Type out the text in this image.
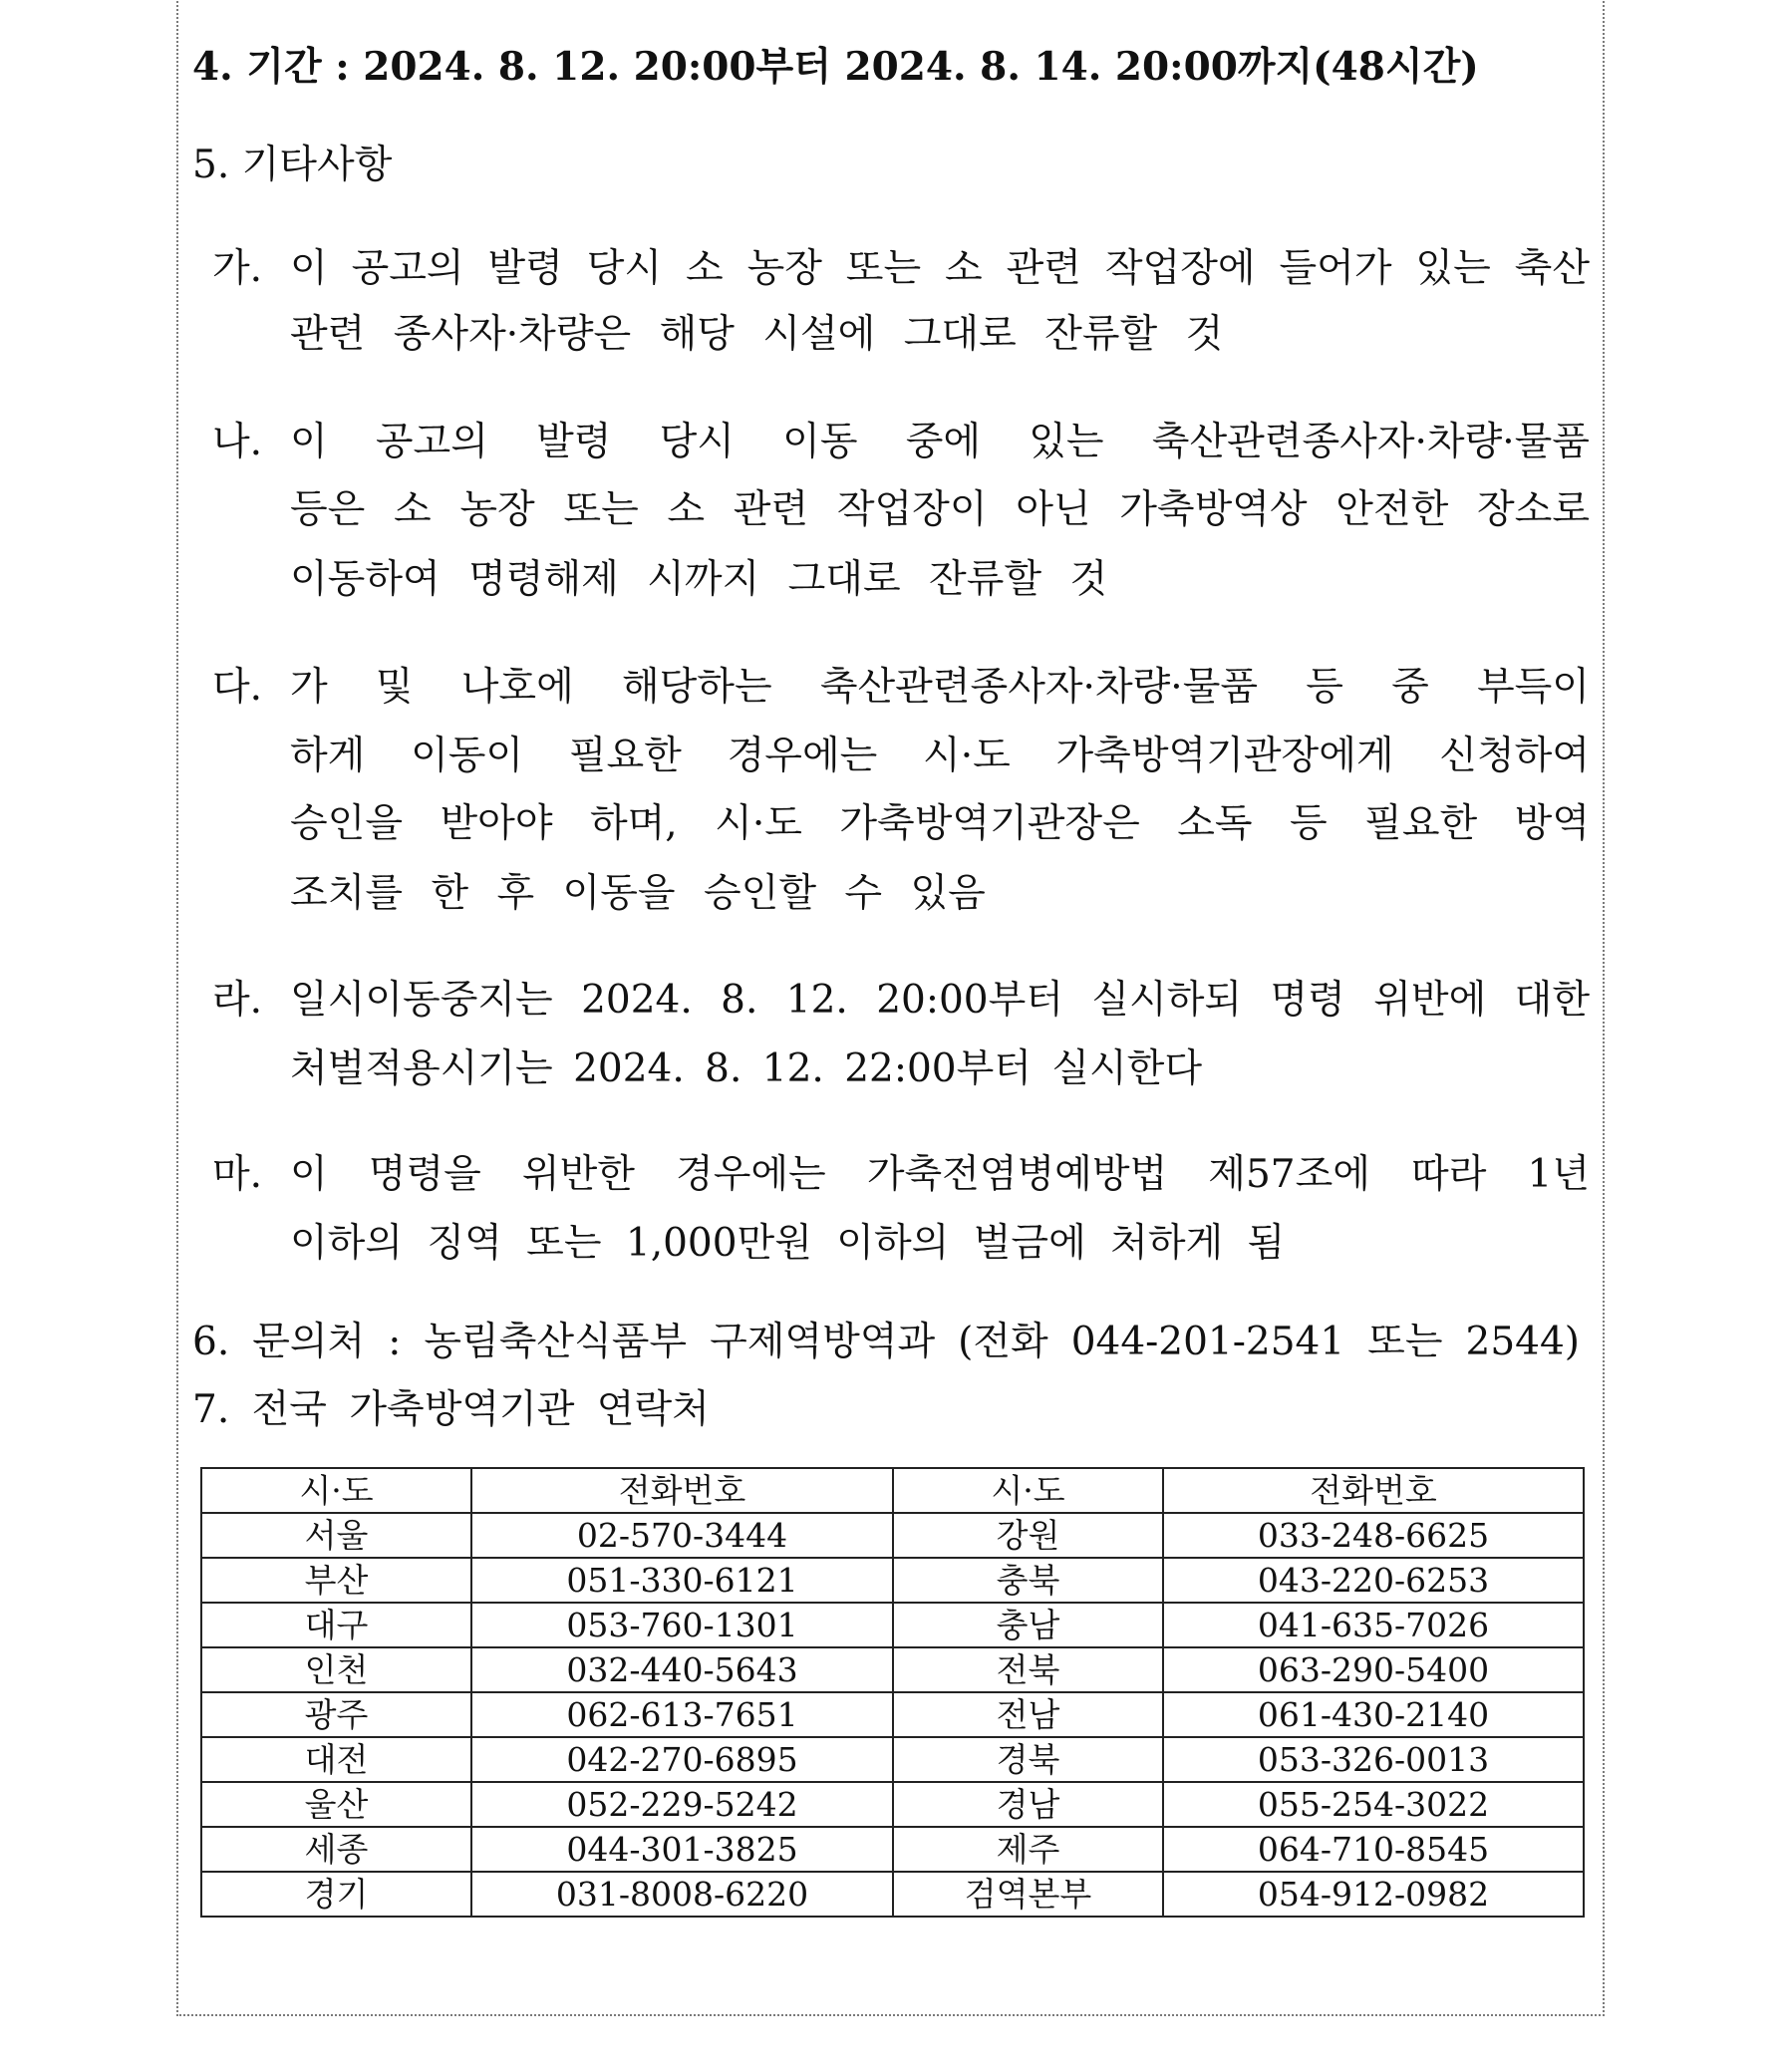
4. 기간 : 2024. 8. 12. 20:00부터 2024. 8. 14. 20:00까지(48시간)
5. 기타사항
가. 이 공고의 발령 당시 소 농장 또는 소 관련 작업장에 들어가 있는 축산
관련 종사자·차량은 해당 시설에 그대로 잔류할 것
나. 이 공고의 발령 당시 이동 중에 있는 축산관련종사자·차량·물품
등은 소 농장 또는 소 관련 작업장이 아닌 가축방역상 안전한 장소로
이동하여 명령해제 시까지 그대로 잔류할 것
다. 가 및 나호에 해당하는 축산관련종사자·차량·물품 등 중 부득이
하게 이동이 필요한 경우에는 시·도 가축방역기관장에게 신청하여
승인을 받아야 하며, 시·도 가축방역기관장은 소독 등 필요한 방역
조치를 한 후 이동을 승인할 수 있음
라. 일시이동중지는 2024. 8. 12. 20:00부터 실시하되 명령 위반에 대한
처벌적용시기는 2024. 8. 12. 22:00부터 실시한다
마. 이 명령을 위반한 경우에는 가축전염병예방법 제57조에 따라 1년
이하의 징역 또는 1,000만원 이하의 벌금에 처하게 됨
6. 문의처 : 농림축산식품부 구제역방역과 (전화 044-201-2541 또는 2544)
7. 전국 가축방역기관 연락처
시·도	전화번호	시·도	전화번호
서울	02-570-3444	강원	033-248-6625
부산	051-330-6121	충북	043-220-6253
대구	053-760-1301	충남	041-635-7026
인천	032-440-5643	전북	063-290-5400
광주	062-613-7651	전남	061-430-2140
대전	042-270-6895	경북	053-326-0013
울산	052-229-5242	경남	055-254-3022
세종	044-301-3825	제주	064-710-8545
경기	031-8008-6220	검역본부	054-912-0982
